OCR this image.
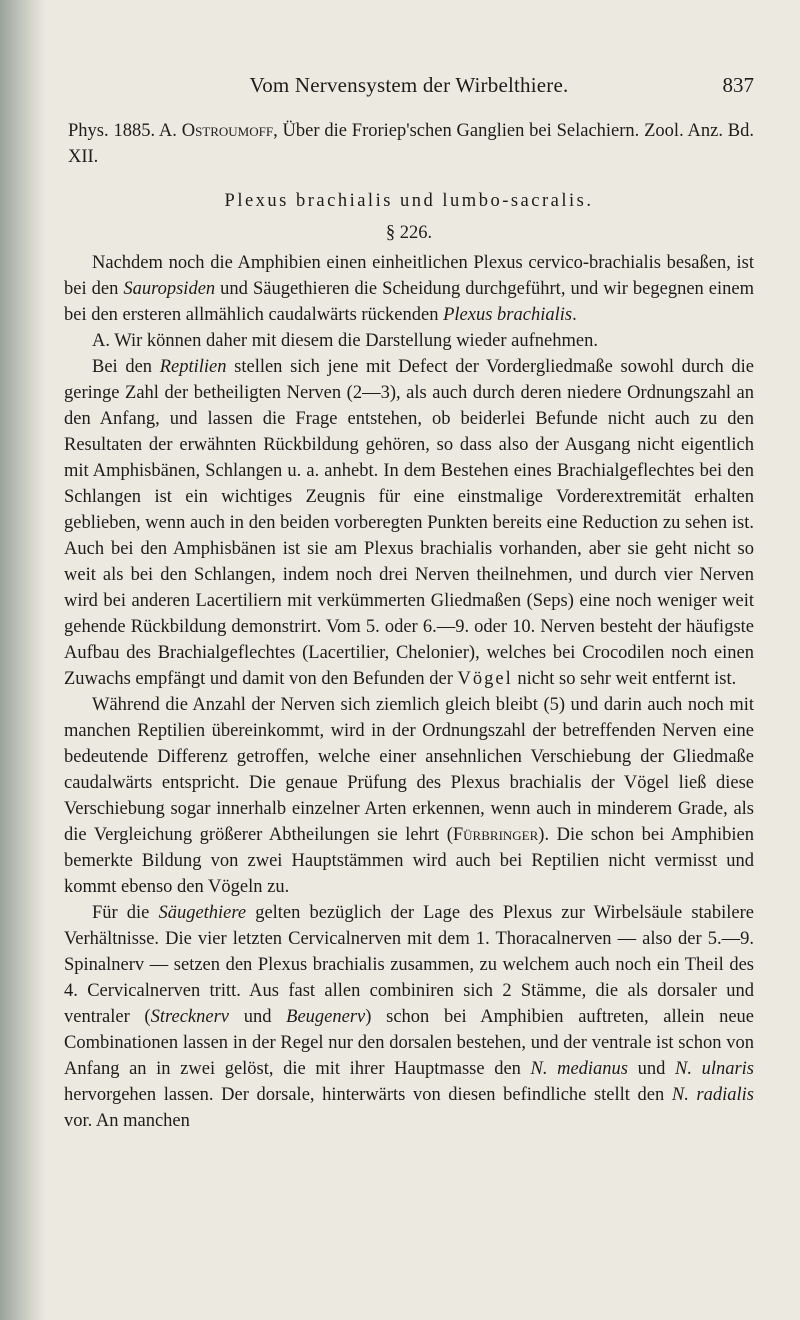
Vom Nervensystem der Wirbelthiere.	837

Phys. 1885. A. Ostroumoff, Über die Froriep'schen Ganglien bei Selachiern. Zool. Anz. Bd. XII.

Plexus brachialis und lumbo-sacralis.

§ 226.

Nachdem noch die Amphibien einen einheitlichen Plexus cervico-brachialis besaßen, ist bei den Sauropsiden und Säugethieren die Scheidung durchgeführt, und wir begegnen einem bei den ersteren allmählich caudalwärts rückenden Plexus brachialis.

A. Wir können daher mit diesem die Darstellung wieder aufnehmen.

Bei den Reptilien stellen sich jene mit Defect der Vordergliedmaße sowohl durch die geringe Zahl der betheiligten Nerven (2—3), als auch durch deren niedere Ordnungszahl an den Anfang, und lassen die Frage entstehen, ob beiderlei Befunde nicht auch zu den Resultaten der erwähnten Rückbildung gehören, so dass also der Ausgang nicht eigentlich mit Amphisbänen, Schlangen u. a. anhebt. In dem Bestehen eines Brachialgeflechtes bei den Schlangen ist ein wichtiges Zeugnis für eine einstmalige Vorderextremität erhalten geblieben, wenn auch in den beiden vorberegten Punkten bereits eine Reduction zu sehen ist. Auch bei den Amphisbänen ist sie am Plexus brachialis vorhanden, aber sie geht nicht so weit als bei den Schlangen, indem noch drei Nerven theilnehmen, und durch vier Nerven wird bei anderen Lacertiliern mit verkümmerten Gliedmaßen (Seps) eine noch weniger weit gehende Rückbildung demonstrirt. Vom 5. oder 6.—9. oder 10. Nerven besteht der häufigste Aufbau des Brachialgeflechtes (Lacertilier, Chelonier), welches bei Crocodilen noch einen Zuwachs empfängt und damit von den Befunden der Vögel nicht so sehr weit entfernt ist.

Während die Anzahl der Nerven sich ziemlich gleich bleibt (5) und darin auch noch mit manchen Reptilien übereinkommt, wird in der Ordnungszahl der betreffenden Nerven eine bedeutende Differenz getroffen, welche einer ansehnlichen Verschiebung der Gliedmaße caudalwärts entspricht. Die genaue Prüfung des Plexus brachialis der Vögel ließ diese Verschiebung sogar innerhalb einzelner Arten erkennen, wenn auch in minderem Grade, als die Vergleichung größerer Abtheilungen sie lehrt (Fürbringer). Die schon bei Amphibien bemerkte Bildung von zwei Hauptstämmen wird auch bei Reptilien nicht vermisst und kommt ebenso den Vögeln zu.

Für die Säugethiere gelten bezüglich der Lage des Plexus zur Wirbelsäule stabilere Verhältnisse. Die vier letzten Cervicalnerven mit dem 1. Thoracalnerven — also der 5.—9. Spinalnerv — setzen den Plexus brachialis zusammen, zu welchem auch noch ein Theil des 4. Cervicalnerven tritt. Aus fast allen combiniren sich 2 Stämme, die als dorsaler und ventraler (Strecknerv und Beugenerv) schon bei Amphibien auftreten, allein neue Combinationen lassen in der Regel nur den dorsalen bestehen, und der ventrale ist schon von Anfang an in zwei gelöst, die mit ihrer Hauptmasse den N. medianus und N. ulnaris hervorgehen lassen. Der dorsale, hinterwärts von diesen befindliche stellt den N. radialis vor. An manchen
